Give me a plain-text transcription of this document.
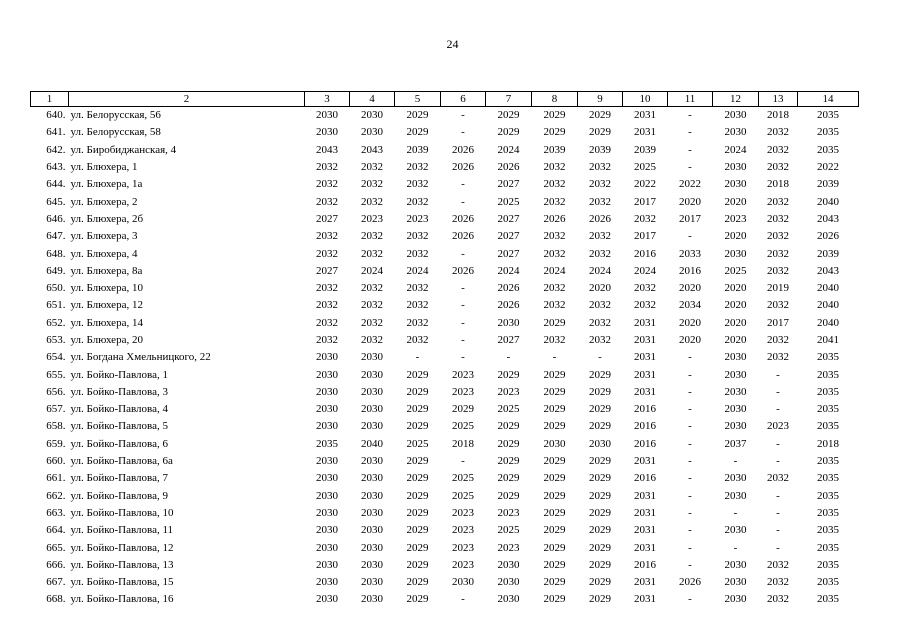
24
1	2	3	4	5	6	7	8	9	10	11	12	13	14
640.	ул. Белорусская, 56	2030	2030	2029	-	2029	2029	2029	2031	-	2030	2018	2035
641.	ул. Белорусская, 58	2030	2030	2029	-	2029	2029	2029	2031	-	2030	2032	2035
642.	ул. Биробиджанская, 4	2043	2043	2039	2026	2024	2039	2039	2039	-	2024	2032	2035
643.	ул. Блюхера, 1	2032	2032	2032	2026	2026	2032	2032	2025	-	2030	2032	2022
644.	ул. Блюхера, 1а	2032	2032	2032	-	2027	2032	2032	2022	2022	2030	2018	2039
645.	ул. Блюхера, 2	2032	2032	2032	-	2025	2032	2032	2017	2020	2020	2032	2040
646.	ул. Блюхера, 2б	2027	2023	2023	2026	2027	2026	2026	2032	2017	2023	2032	2043
647.	ул. Блюхера, 3	2032	2032	2032	2026	2027	2032	2032	2017	-	2020	2032	2026
648.	ул. Блюхера, 4	2032	2032	2032	-	2027	2032	2032	2016	2033	2030	2032	2039
649.	ул. Блюхера, 8а	2027	2024	2024	2026	2024	2024	2024	2024	2016	2025	2032	2043
650.	ул. Блюхера, 10	2032	2032	2032	-	2026	2032	2020	2032	2020	2020	2019	2040
651.	ул. Блюхера, 12	2032	2032	2032	-	2026	2032	2032	2032	2034	2020	2032	2040
652.	ул. Блюхера, 14	2032	2032	2032	-	2030	2029	2032	2031	2020	2020	2017	2040
653.	ул. Блюхера, 20	2032	2032	2032	-	2027	2032	2032	2031	2020	2020	2032	2041
654.	ул. Богдана Хмельницкого, 22	2030	2030	-	-	-	-	-	2031	-	2030	2032	2035
655.	ул. Бойко-Павлова, 1	2030	2030	2029	2023	2029	2029	2029	2031	-	2030	-	2035
656.	ул. Бойко-Павлова, 3	2030	2030	2029	2023	2023	2029	2029	2031	-	2030	-	2035
657.	ул. Бойко-Павлова, 4	2030	2030	2029	2029	2025	2029	2029	2016	-	2030	-	2035
658.	ул. Бойко-Павлова, 5	2030	2030	2029	2025	2029	2029	2029	2016	-	2030	2023	2035
659.	ул. Бойко-Павлова, 6	2035	2040	2025	2018	2029	2030	2030	2016	-	2037	-	2018
660.	ул. Бойко-Павлова, 6а	2030	2030	2029	-	2029	2029	2029	2031	-	-	-	2035
661.	ул. Бойко-Павлова, 7	2030	2030	2029	2025	2029	2029	2029	2016	-	2030	2032	2035
662.	ул. Бойко-Павлова, 9	2030	2030	2029	2025	2029	2029	2029	2031	-	2030	-	2035
663.	ул. Бойко-Павлова, 10	2030	2030	2029	2023	2023	2029	2029	2031	-	-	-	2035
664.	ул. Бойко-Павлова, 11	2030	2030	2029	2023	2025	2029	2029	2031	-	2030	-	2035
665.	ул. Бойко-Павлова, 12	2030	2030	2029	2023	2023	2029	2029	2031	-	-	-	2035
666.	ул. Бойко-Павлова, 13	2030	2030	2029	2023	2030	2029	2029	2016	-	2030	2032	2035
667.	ул. Бойко-Павлова, 15	2030	2030	2029	2030	2030	2029	2029	2031	2026	2030	2032	2035
668.	ул. Бойко-Павлова, 16	2030	2030	2029	-	2030	2029	2029	2031	-	2030	2032	2035
